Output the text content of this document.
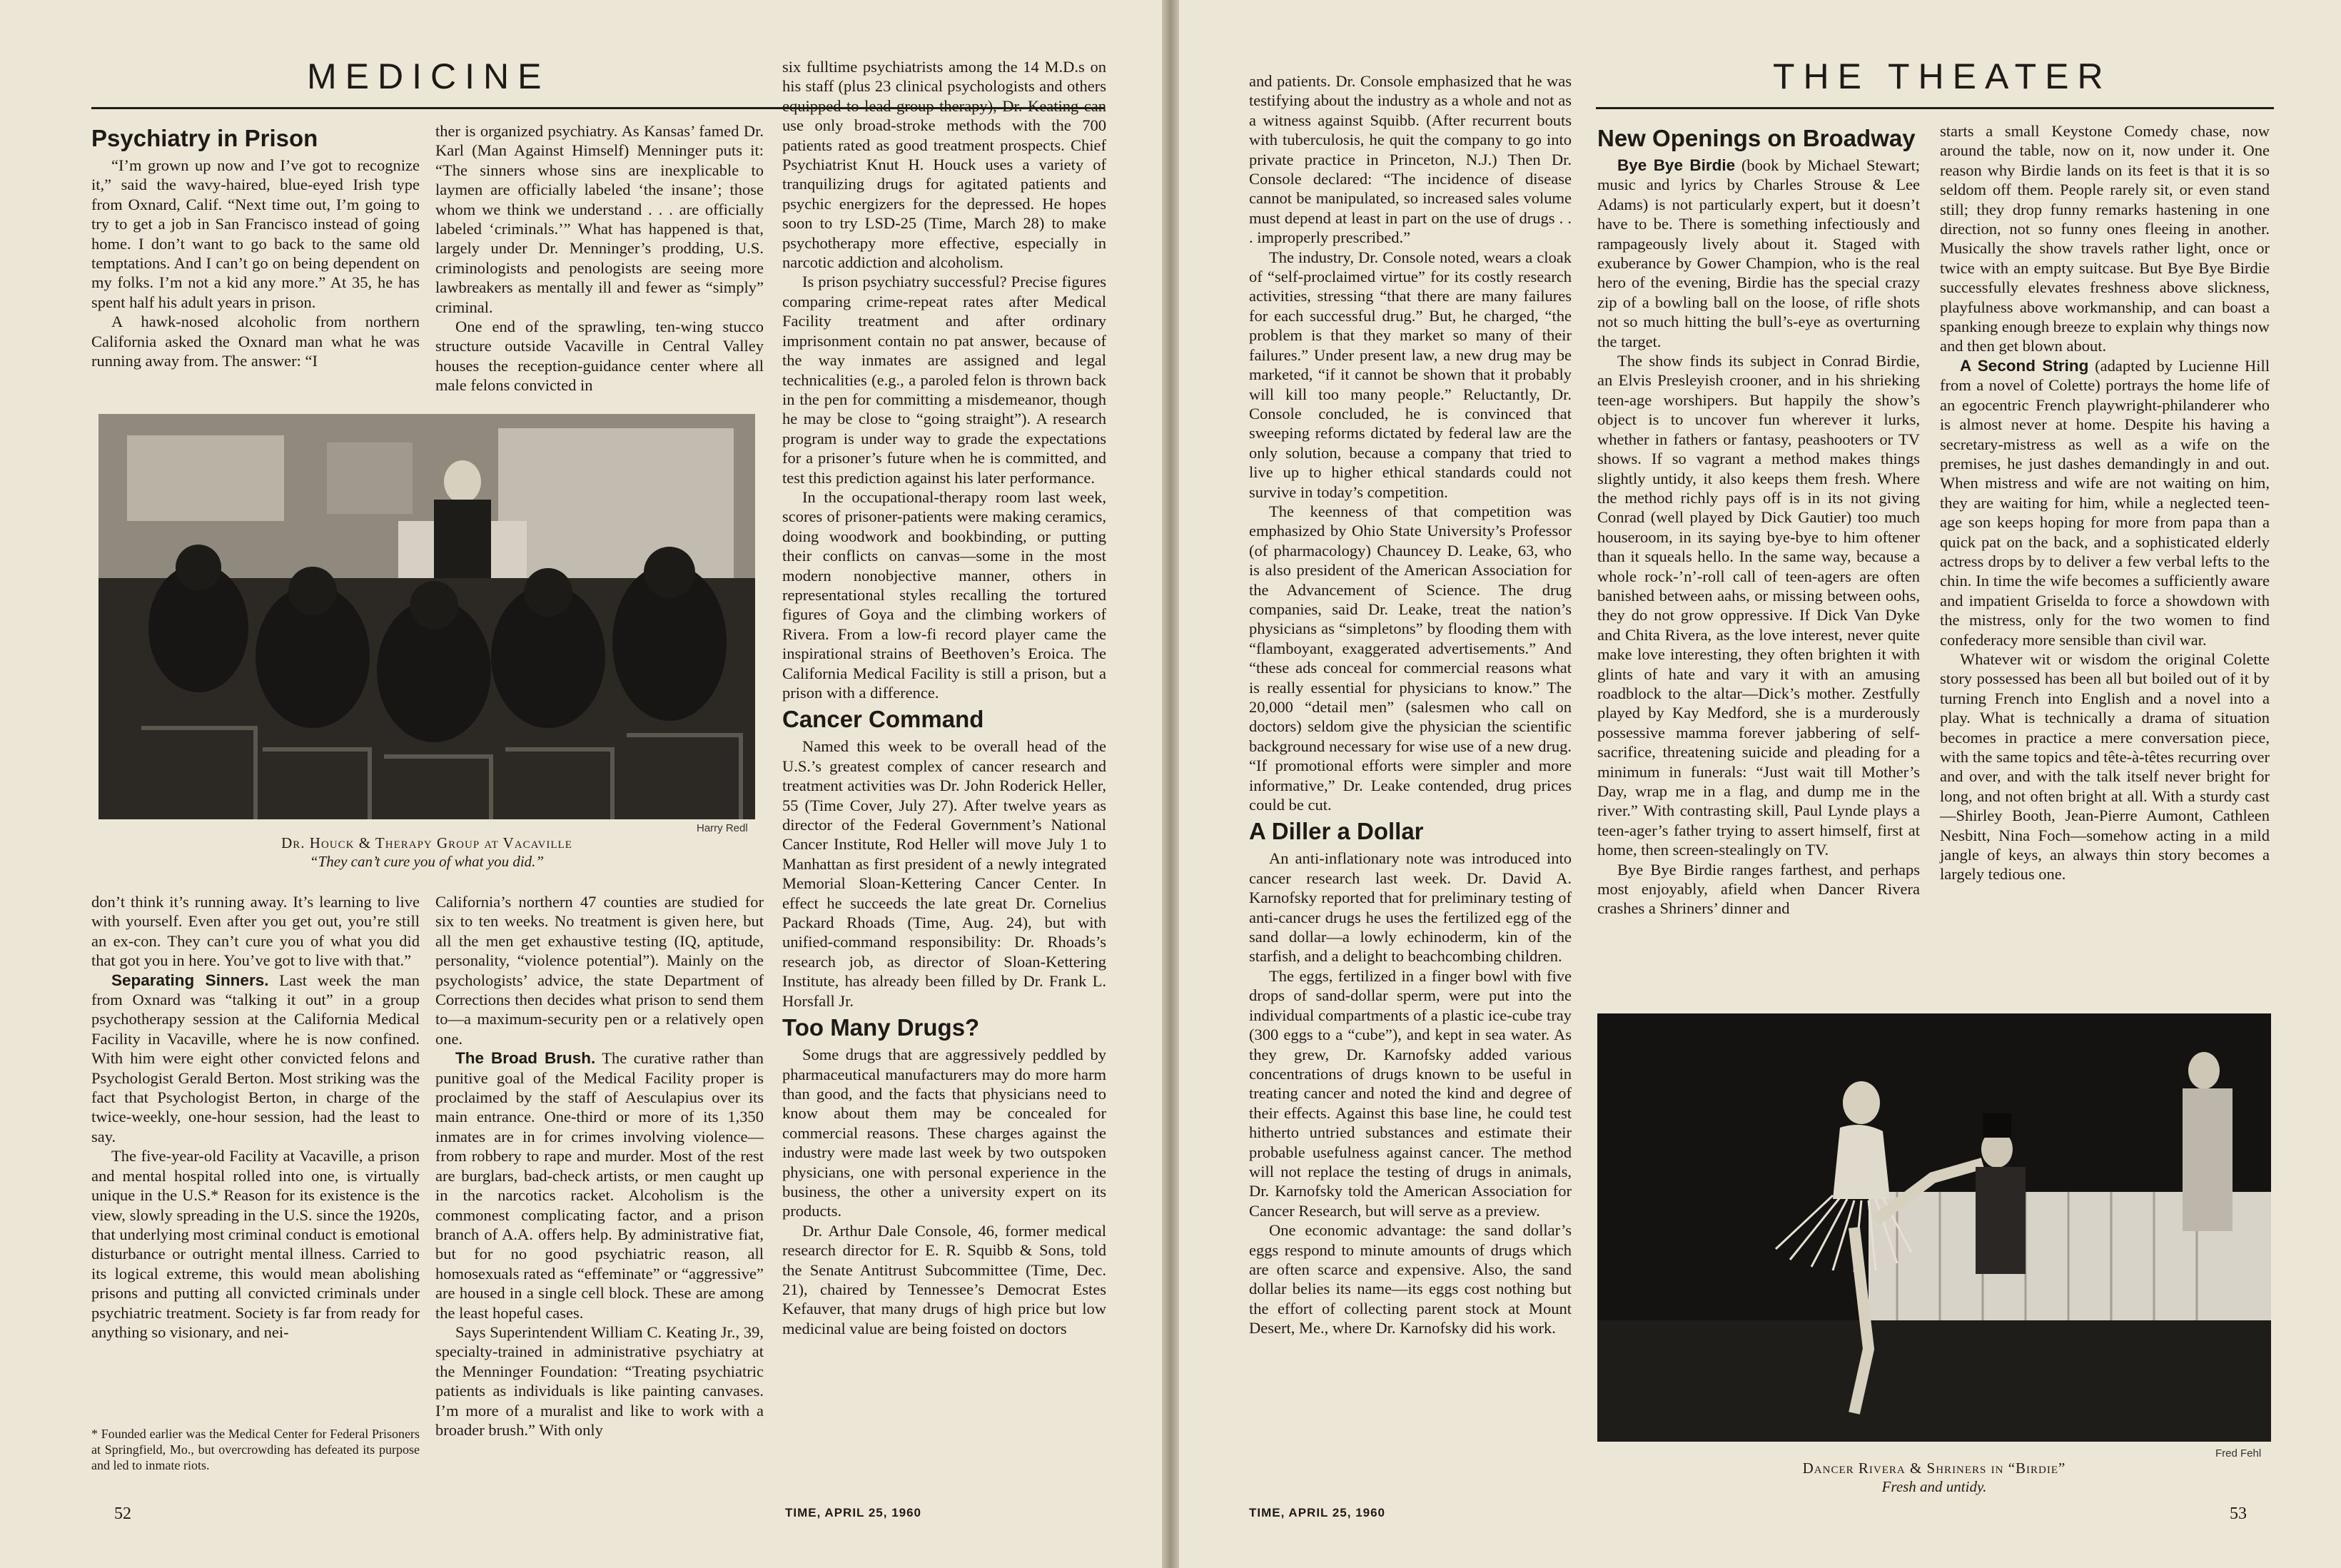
MEDICINE
Psychiatry in Prison

“I’m grown up now and I’ve got to recognize it,” said the wavy-haired, blue-eyed Irish type from Oxnard, Calif. “Next time out, I’m going to try to get a job in San Francisco instead of going home. I don’t want to go back to the same old temptations. And I can’t go on being dependent on my folks. I’m not a kid any more.” At 35, he has spent half his adult years in prison.

A hawk-nosed alcoholic from northern California asked the Oxnard man what he was running away from. The answer: “I

ther is organized psychiatry. As Kansas’ famed Dr. Karl (Man Against Himself) Menninger puts it: “The sinners whose sins are inexplicable to laymen are officially labeled ‘the insane’; those whom we think we understand . . . are officially labeled ‘criminals.’” What has happened is that, largely under Dr. Menninger’s prodding, U.S. criminologists and penologists are seeing more lawbreakers as mentally ill and fewer as “simply” criminal.

One end of the sprawling, ten-wing stucco structure outside Vacaville in Central Valley houses the reception-guidance center where all male felons convicted in

Harry Redl
Dr. Houck & Therapy Group at Vacaville
“They can’t cure you of what you did.”

don’t think it’s running away. It’s learning to live with yourself. Even after you get out, you’re still an ex-con. They can’t cure you of what you did that got you in here. You’ve got to live with that.”

Separating Sinners. Last week the man from Oxnard was “talking it out” in a group psychotherapy session at the California Medical Facility in Vacaville, where he is now confined. With him were eight other convicted felons and Psychologist Gerald Berton. Most striking was the fact that Psychologist Berton, in charge of the twice-weekly, one-hour session, had the least to say.

The five-year-old Facility at Vacaville, a prison and mental hospital rolled into one, is virtually unique in the U.S.* Reason for its existence is the view, slowly spreading in the U.S. since the 1920s, that underlying most criminal conduct is emotional disturbance or outright mental illness. Carried to its logical extreme, this would mean abolishing prisons and putting all convicted criminals under psychiatric treatment. Society is far from ready for anything so visionary, and nei-

* Founded earlier was the Medical Center for Federal Prisoners at Springfield, Mo., but overcrowding has defeated its purpose and led to inmate riots.

California’s northern 47 counties are studied for six to ten weeks. No treatment is given here, but all the men get exhaustive testing (IQ, aptitude, personality, “violence potential”). Mainly on the psychologists’ advice, the state Department of Corrections then decides what prison to send them to—a maximum-security pen or a relatively open one.

The Broad Brush. The curative rather than punitive goal of the Medical Facility proper is proclaimed by the staff of Aesculapius over its main entrance. One-third or more of its 1,350 inmates are in for crimes involving violence—from robbery to rape and murder. Most of the rest are burglars, bad-check artists, or men caught up in the narcotics racket. Alcoholism is the commonest complicating factor, and a prison branch of A.A. offers help. By administrative fiat, but for no good psychiatric reason, all homosexuals rated as “effeminate” or “aggressive” are housed in a single cell block. These are among the least hopeful cases.

Says Superintendent William C. Keating Jr., 39, specialty-trained in administrative psychiatry at the Menninger Foundation: “Treating psychiatric patients as individuals is like painting canvases. I’m more of a muralist and like to work with a broader brush.” With only

six fulltime psychiatrists among the 14 M.D.s on his staff (plus 23 clinical psychologists and others equipped to lead group therapy), Dr. Keating can use only broad-stroke methods with the 700 patients rated as good treatment prospects. Chief Psychiatrist Knut H. Houck uses a variety of tranquilizing drugs for agitated patients and psychic energizers for the depressed. He hopes soon to try LSD-25 (Time, March 28) to make psychotherapy more effective, especially in narcotic addiction and alcoholism.

Is prison psychiatry successful? Precise figures comparing crime-repeat rates after Medical Facility treatment and after ordinary imprisonment contain no pat answer, because of the way inmates are assigned and legal technicalities (e.g., a paroled felon is thrown back in the pen for committing a misdemeanor, though he may be close to “going straight”). A research program is under way to grade the expectations for a prisoner’s future when he is committed, and test this prediction against his later performance.

In the occupational-therapy room last week, scores of prisoner-patients were making ceramics, doing woodwork and bookbinding, or putting their conflicts on canvas—some in the most modern nonobjective manner, others in representational styles recalling the tortured figures of Goya and the climbing workers of Rivera. From a low-fi record player came the inspirational strains of Beethoven’s Eroica. The California Medical Facility is still a prison, but a prison with a difference.

Cancer Command

Named this week to be overall head of the U.S.’s greatest complex of cancer research and treatment activities was Dr. John Roderick Heller, 55 (Time Cover, July 27). After twelve years as director of the Federal Government’s National Cancer Institute, Rod Heller will move July 1 to Manhattan as first president of a newly integrated Memorial Sloan-Kettering Cancer Center. In effect he succeeds the late great Dr. Cornelius Packard Rhoads (Time, Aug. 24), but with unified-command responsibility: Dr. Rhoads’s research job, as director of Sloan-Kettering Institute, has already been filled by Dr. Frank L. Horsfall Jr.

Too Many Drugs?

Some drugs that are aggressively peddled by pharmaceutical manufacturers may do more harm than good, and the facts that physicians need to know about them may be concealed for commercial reasons. These charges against the industry were made last week by two outspoken physicians, one with personal experience in the business, the other a university expert on its products.

Dr. Arthur Dale Console, 46, former medical research director for E. R. Squibb & Sons, told the Senate Antitrust Subcommittee (Time, Dec. 21), chaired by Tennessee’s Democrat Estes Kefauver, that many drugs of high price but low medicinal value are being foisted on doctors

52	TIME, APRIL 25, 1960
THE THEATER

and patients. Dr. Console emphasized that he was testifying about the industry as a whole and not as a witness against Squibb. (After recurrent bouts with tuberculosis, he quit the company to go into private practice in Princeton, N.J.) Then Dr. Console declared: “The incidence of disease cannot be manipulated, so increased sales volume must depend at least in part on the use of drugs . . . improperly prescribed.”

The industry, Dr. Console noted, wears a cloak of “self-proclaimed virtue” for its costly research activities, stressing “that there are many failures for each successful drug.” But, he charged, “the problem is that they market so many of their failures.” Under present law, a new drug may be marketed, “if it cannot be shown that it probably will kill too many people.” Reluctantly, Dr. Console concluded, he is convinced that sweeping reforms dictated by federal law are the only solution, because a company that tried to live up to higher ethical standards could not survive in today’s competition.

The keenness of that competition was emphasized by Ohio State University’s Professor (of pharmacology) Chauncey D. Leake, 63, who is also president of the American Association for the Advancement of Science. The drug companies, said Dr. Leake, treat the nation’s physicians as “simpletons” by flooding them with “flamboyant, exaggerated advertisements.” And “these ads conceal for commercial reasons what is really essential for physicians to know.” The 20,000 “detail men” (salesmen who call on doctors) seldom give the physician the scientific background necessary for wise use of a new drug. “If promotional efforts were simpler and more informative,” Dr. Leake contended, drug prices could be cut.

A Diller a Dollar

An anti-inflationary note was introduced into cancer research last week. Dr. David A. Karnofsky reported that for preliminary testing of anti-cancer drugs he uses the fertilized egg of the sand dollar—a lowly echinoderm, kin of the starfish, and a delight to beachcombing children.

The eggs, fertilized in a finger bowl with five drops of sand-dollar sperm, were put into the individual compartments of a plastic ice-cube tray (300 eggs to a “cube”), and kept in sea water. As they grew, Dr. Karnofsky added various concentrations of drugs known to be useful in treating cancer and noted the kind and degree of their effects. Against this base line, he could test hitherto untried substances and estimate their probable usefulness against cancer. The method will not replace the testing of drugs in animals, Dr. Karnofsky told the American Association for Cancer Research, but will serve as a preview.

One economic advantage: the sand dollar’s eggs respond to minute amounts of drugs which are often scarce and expensive. Also, the sand dollar belies its name—its eggs cost nothing but the effort of collecting parent stock at Mount Desert, Me., where Dr. Karnofsky did his work.

New Openings on Broadway

Bye Bye Birdie (book by Michael Stewart; music and lyrics by Charles Strouse & Lee Adams) is not particularly expert, but it doesn’t have to be. There is something infectiously and rampageously lively about it. Staged with exuberance by Gower Champion, who is the real hero of the evening, Birdie has the special crazy zip of a bowling ball on the loose, of rifle shots not so much hitting the bull’s-eye as overturning the target.

The show finds its subject in Conrad Birdie, an Elvis Presleyish crooner, and in his shrieking teen-age worshipers. But happily the show’s object is to uncover fun wherever it lurks, whether in fathers or fantasy, peashooters or TV shows. If so vagrant a method makes things slightly untidy, it also keeps them fresh. Where the method richly pays off is in its not giving Conrad (well played by Dick Gautier) too much houseroom, in its saying bye-bye to him oftener than it squeals hello. In the same way, because a whole rock-’n’-roll call of teen-agers are often banished between aahs, or missing between oohs, they do not grow oppressive. If Dick Van Dyke and Chita Rivera, as the love interest, never quite make love interesting, they often brighten it with glints of hate and vary it with an amusing roadblock to the altar—Dick’s mother. Zestfully played by Kay Medford, she is a murderously possessive mamma forever jabbering of self-sacrifice, threatening suicide and pleading for a minimum in funerals: “Just wait till Mother’s Day, wrap me in a flag, and dump me in the river.” With contrasting skill, Paul Lynde plays a teen-ager’s father trying to assert himself, first at home, then screen-stealingly on TV.

Bye Bye Birdie ranges farthest, and perhaps most enjoyably, afield when Dancer Rivera crashes a Shriners’ dinner and

starts a small Keystone Comedy chase, now around the table, now on it, now under it. One reason why Birdie lands on its feet is that it is so seldom off them. People rarely sit, or even stand still; they drop funny remarks hastening in one direction, not so funny ones fleeing in another. Musically the show travels rather light, once or twice with an empty suitcase. But Bye Bye Birdie successfully elevates freshness above slickness, playfulness above workmanship, and can boast a spanking enough breeze to explain why things now and then get blown about.

A Second String (adapted by Lucienne Hill from a novel of Colette) portrays the home life of an egocentric French playwright-philanderer who is almost never at home. Despite his having a secretary-mistress as well as a wife on the premises, he just dashes demandingly in and out. When mistress and wife are not waiting on him, they are waiting for him, while a neglected teen-age son keeps hoping for more from papa than a quick pat on the back, and a sophisticated elderly actress drops by to deliver a few verbal lefts to the chin. In time the wife becomes a sufficiently aware and impatient Griselda to force a showdown with the mistress, only for the two women to find confederacy more sensible than civil war.

Whatever wit or wisdom the original Colette story possessed has been all but boiled out of it by turning French into English and a novel into a play. What is technically a drama of situation becomes in practice a mere conversation piece, with the same topics and tête-à-têtes recurring over and over, and with the talk itself never bright for long, and not often bright at all. With a sturdy cast—Shirley Booth, Jean-Pierre Aumont, Cathleen Nesbitt, Nina Foch—somehow acting in a mild jangle of keys, an always thin story becomes a largely tedious one.

Fred Fehl
Dancer Rivera & Shriners in “Birdie”
Fresh and untidy.
TIME, APRIL 25, 1960	53
